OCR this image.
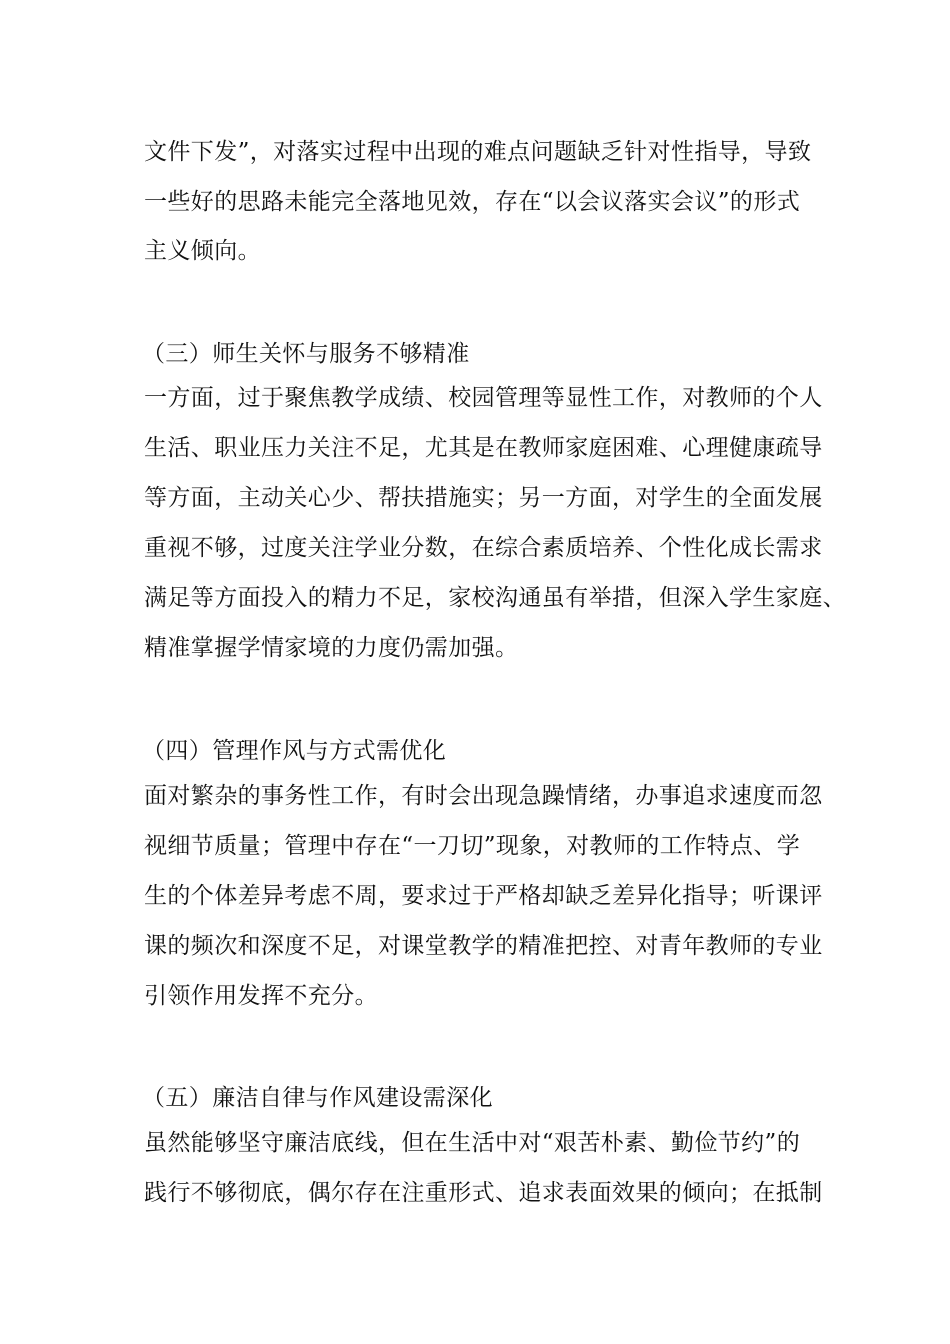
文件下发”，对落实过程中出现的难点问题缺乏针对性指导，导致
一些好的思路未能完全落地见效，存在“以会议落实会议”的形式
主义倾向。
（三）师生关怀与服务不够精准
一方面，过于聚焦教学成绩、校园管理等显性工作，对教师的个人
生活、职业压力关注不足，尤其是在教师家庭困难、心理健康疏导
等方面，主动关心少、帮扶措施实；另一方面，对学生的全面发展
重视不够，过度关注学业分数，在综合素质培养、个性化成长需求
满足等方面投入的精力不足，家校沟通虽有举措，但深入学生家庭、
精准掌握学情家境的力度仍需加强。
（四）管理作风与方式需优化
面对繁杂的事务性工作，有时会出现急躁情绪，办事追求速度而忽
视细节质量；管理中存在“一刀切”现象，对教师的工作特点、学
生的个体差异考虑不周，要求过于严格却缺乏差异化指导；听课评
课的频次和深度不足，对课堂教学的精准把控、对青年教师的专业
引领作用发挥不充分。
（五）廉洁自律与作风建设需深化
虽然能够坚守廉洁底线，但在生活中对“艰苦朴素、勤俭节约”的
践行不够彻底，偶尔存在注重形式、追求表面效果的倾向；在抵制
